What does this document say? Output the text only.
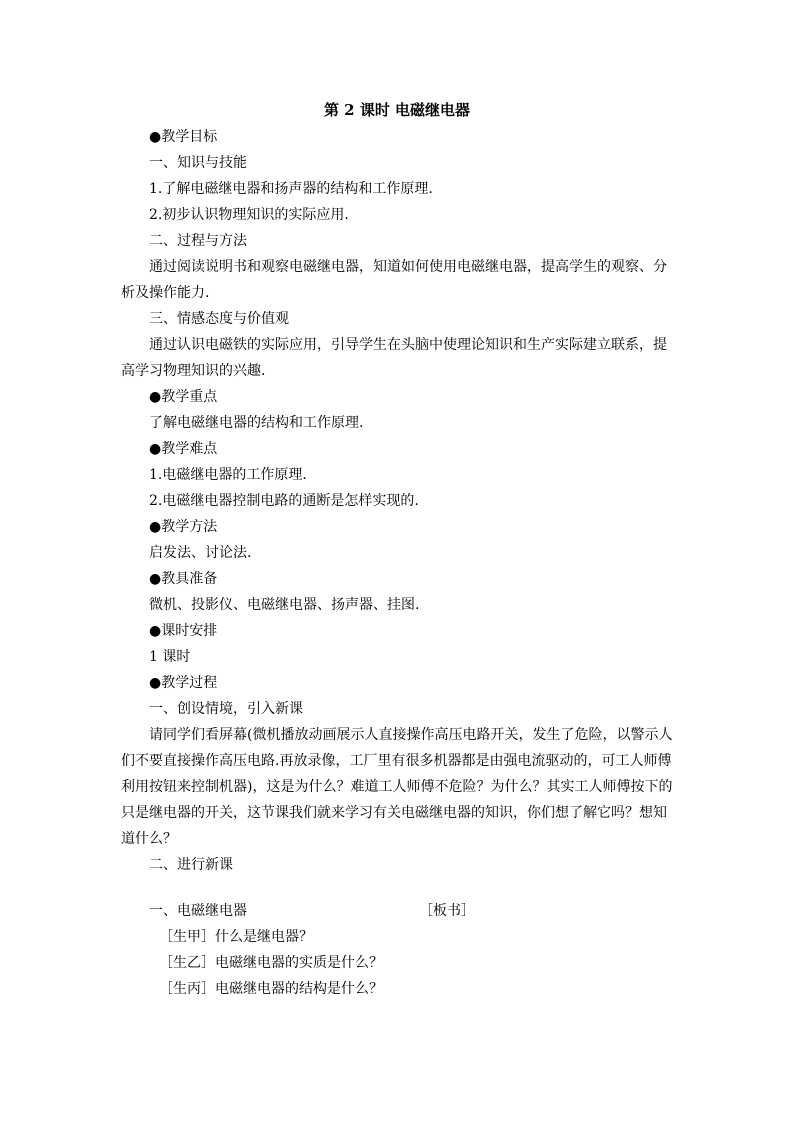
第 2 课时 电磁继电器

●教学目标

一、知识与技能

1.了解电磁继电器和扬声器的结构和工作原理.

2.初步认识物理知识的实际应用.

二、过程与方法

通过阅读说明书和观察电磁继电器，知道如何使用电磁继电器，提高学生的观察、分析及操作能力.

三、情感态度与价值观

通过认识电磁铁的实际应用，引导学生在头脑中使理论知识和生产实际建立联系，提高学习物理知识的兴趣.

●教学重点

了解电磁继电器的结构和工作原理.

●教学难点

1.电磁继电器的工作原理.

2.电磁继电器控制电路的通断是怎样实现的.

●教学方法

启发法、讨论法.

●教具准备

微机、投影仪、电磁继电器、扬声器、挂图.

●课时安排

1 课时

●教学过程

一、创设情境，引入新课

请同学们看屏幕(微机播放动画展示人直接操作高压电路开关，发生了危险，以警示人们不要直接操作高压电路.再放录像，工厂里有很多机器都是由强电流驱动的，可工人师傅利用按钮来控制机器)，这是为什么？难道工人师傅不危险？为什么？其实工人师傅按下的只是继电器的开关，这节课我们就来学习有关电磁继电器的知识，你们想了解它吗？想知道什么？

二、进行新课

一、电磁继电器	［板书］

［生甲］什么是继电器？

［生乙］电磁继电器的实质是什么？

［生丙］电磁继电器的结构是什么？
